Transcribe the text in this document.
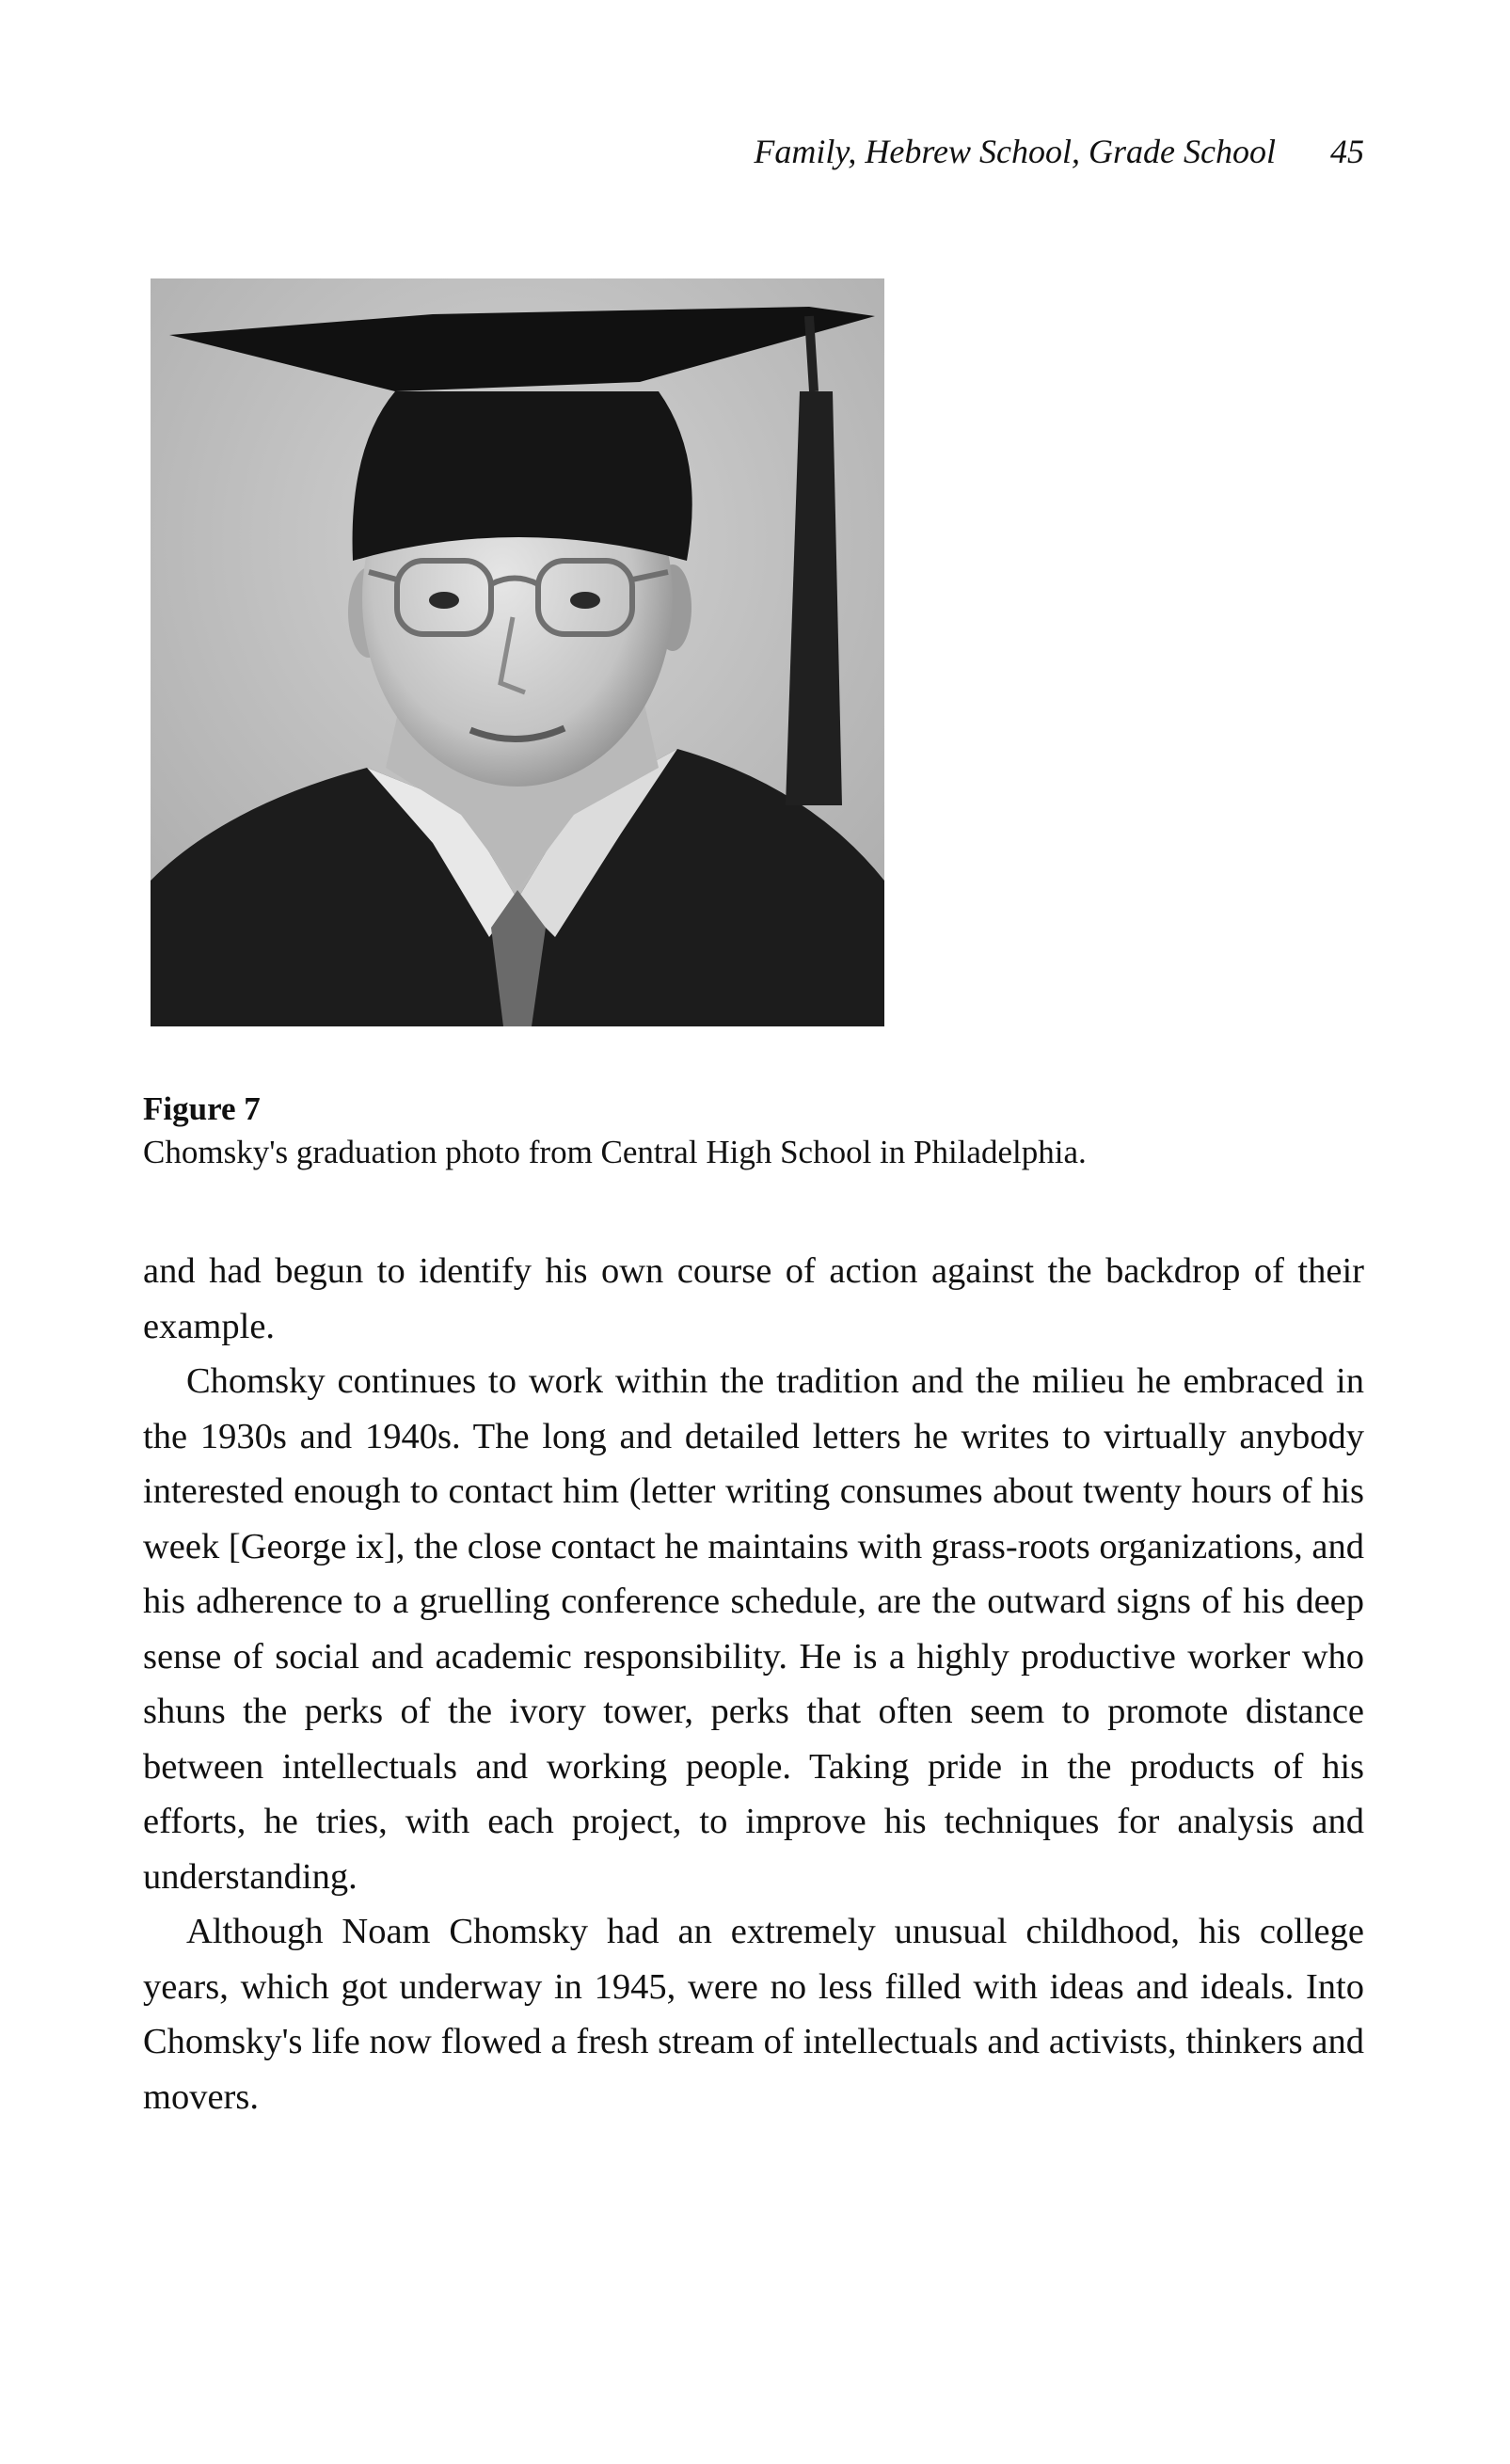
Family, Hebrew School, Grade School 45
Figure 7
Chomsky's graduation photo from Central High School in Philadelphia.

and had begun to identify his own course of action against the backdrop of their example.

Chomsky continues to work within the tradition and the milieu he embraced in the 1930s and 1940s. The long and detailed letters he writes to virtually anybody interested enough to contact him (letter writing consumes about twenty hours of his week [George ix], the close contact he maintains with grass-roots organizations, and his adherence to a gruelling conference schedule, are the outward signs of his deep sense of social and academic responsibility. He is a highly productive worker who shuns the perks of the ivory tower, perks that often seem to promote distance between intellectuals and working people. Taking pride in the products of his efforts, he tries, with each project, to improve his techniques for analysis and understanding.

Although Noam Chomsky had an extremely unusual childhood, his college years, which got underway in 1945, were no less filled with ideas and ideals. Into Chomsky's life now flowed a fresh stream of intellectuals and activists, thinkers and movers.
